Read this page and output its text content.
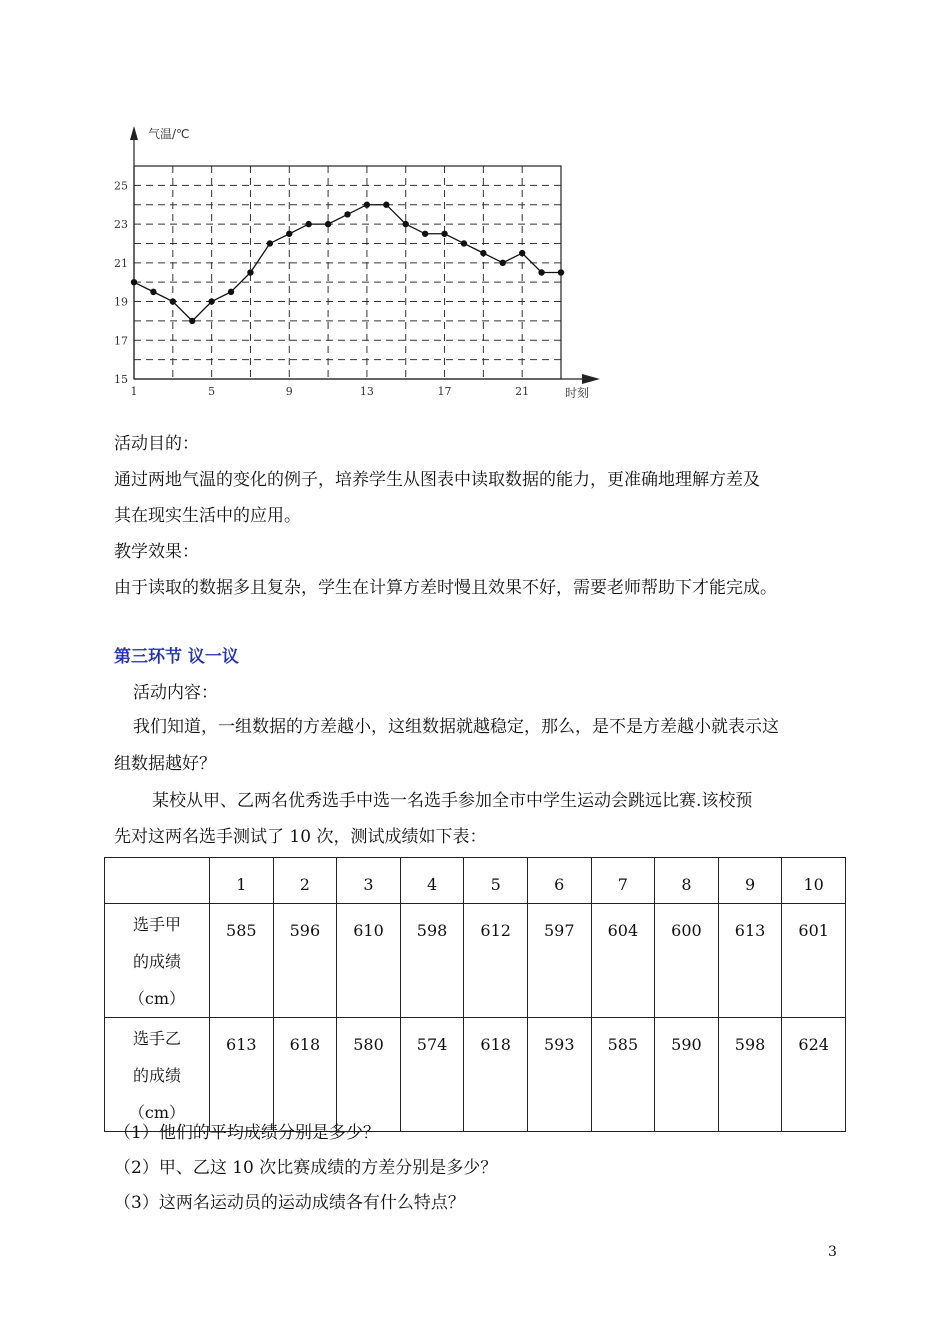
25
23
21
19
17
15
1	5	9	13	17	21
气温/℃
时刻
活动目的：
通过两地气温的变化的例子，培养学生从图表中读取数据的能力，更准确地理解方差及
其在现实生活中的应用。
教学效果：
由于读取的数据多且复杂，学生在计算方差时慢且效果不好，需要老师帮助下才能完成。
第三环节 议一议
活动内容：
我们知道，一组数据的方差越小，这组数据就越稳定，那么，是不是方差越小就表示这
组数据越好？
某校从甲、乙两名优秀选手中选一名选手参加全市中学生运动会跳远比赛.该校预
先对这两名选手测试了 10 次，测试成绩如下表：
	1	2	3	4	5	6	7	8	9	10

选手甲
的成绩
（cm）	585	596	610	598	612	597	604	600	613	601

选手乙
的成绩
（cm）	613	618	580	574	618	593	585	590	598	624
（1）他们的平均成绩分别是多少？
（2）甲、乙这 10 次比赛成绩的方差分别是多少？
（3）这两名运动员的运动成绩各有什么特点？
3
